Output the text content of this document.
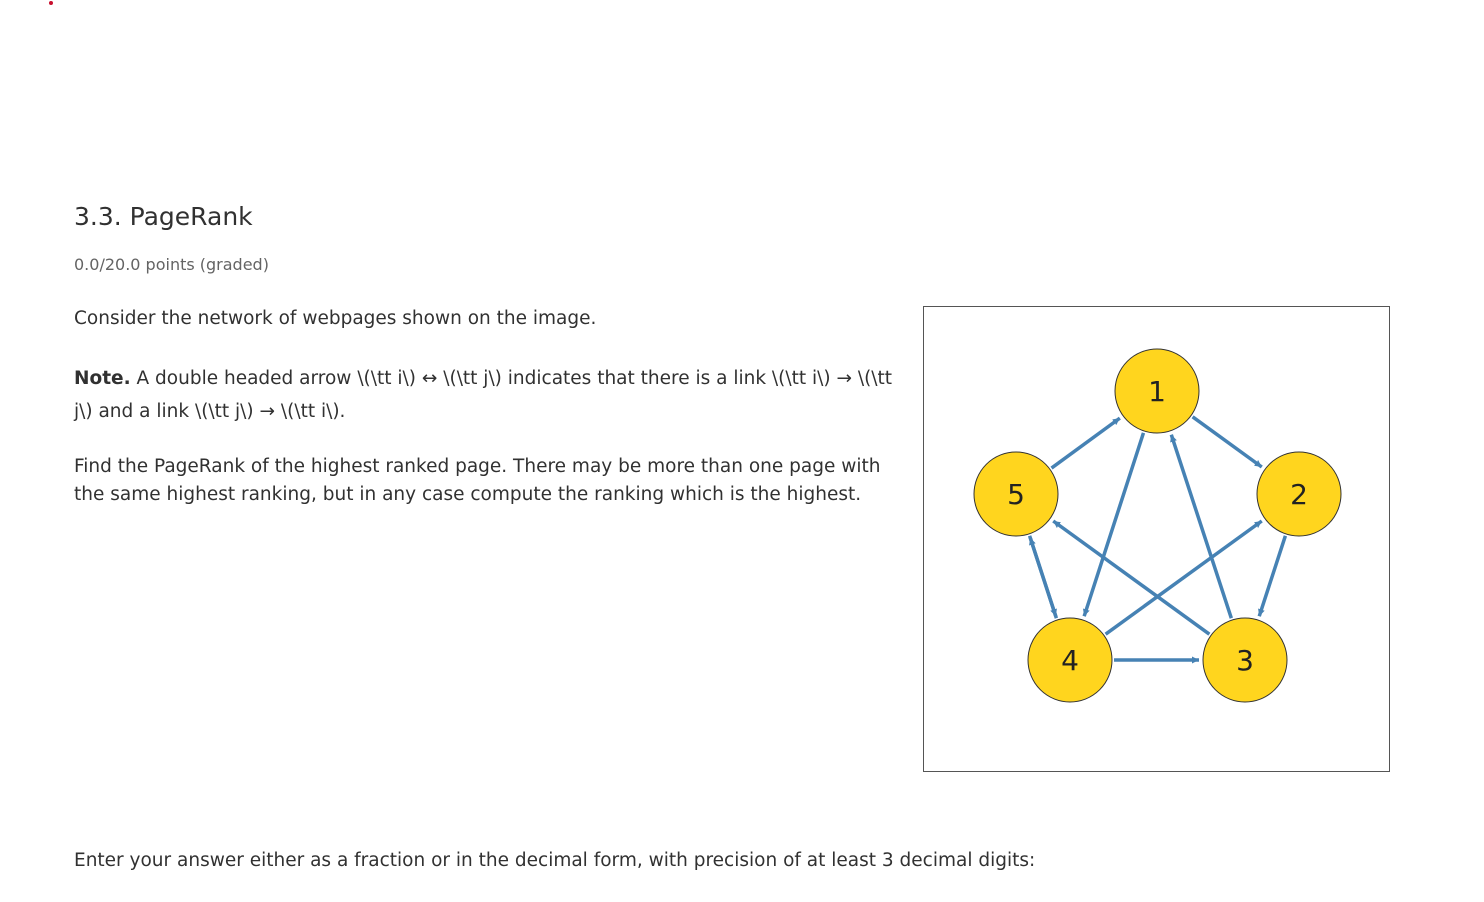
3.3. PageRank
0.0/20.0 points (graded)

Consider the network of webpages shown on the image.

Note. A double headed arrow \(\tt i\) ↔ \(\tt j\) indicates that there is a link \(\tt i\) → \(\tt j\) and a link \(\tt j\) → \(\tt i\).

Find the PageRank of the highest ranked page. There may be more than one page with the same highest ranking, but in any case compute the ranking which is the highest.

1
2
3
4
5

Enter your answer either as a fraction or in the decimal form, with precision of at least 3 decimal digits:
